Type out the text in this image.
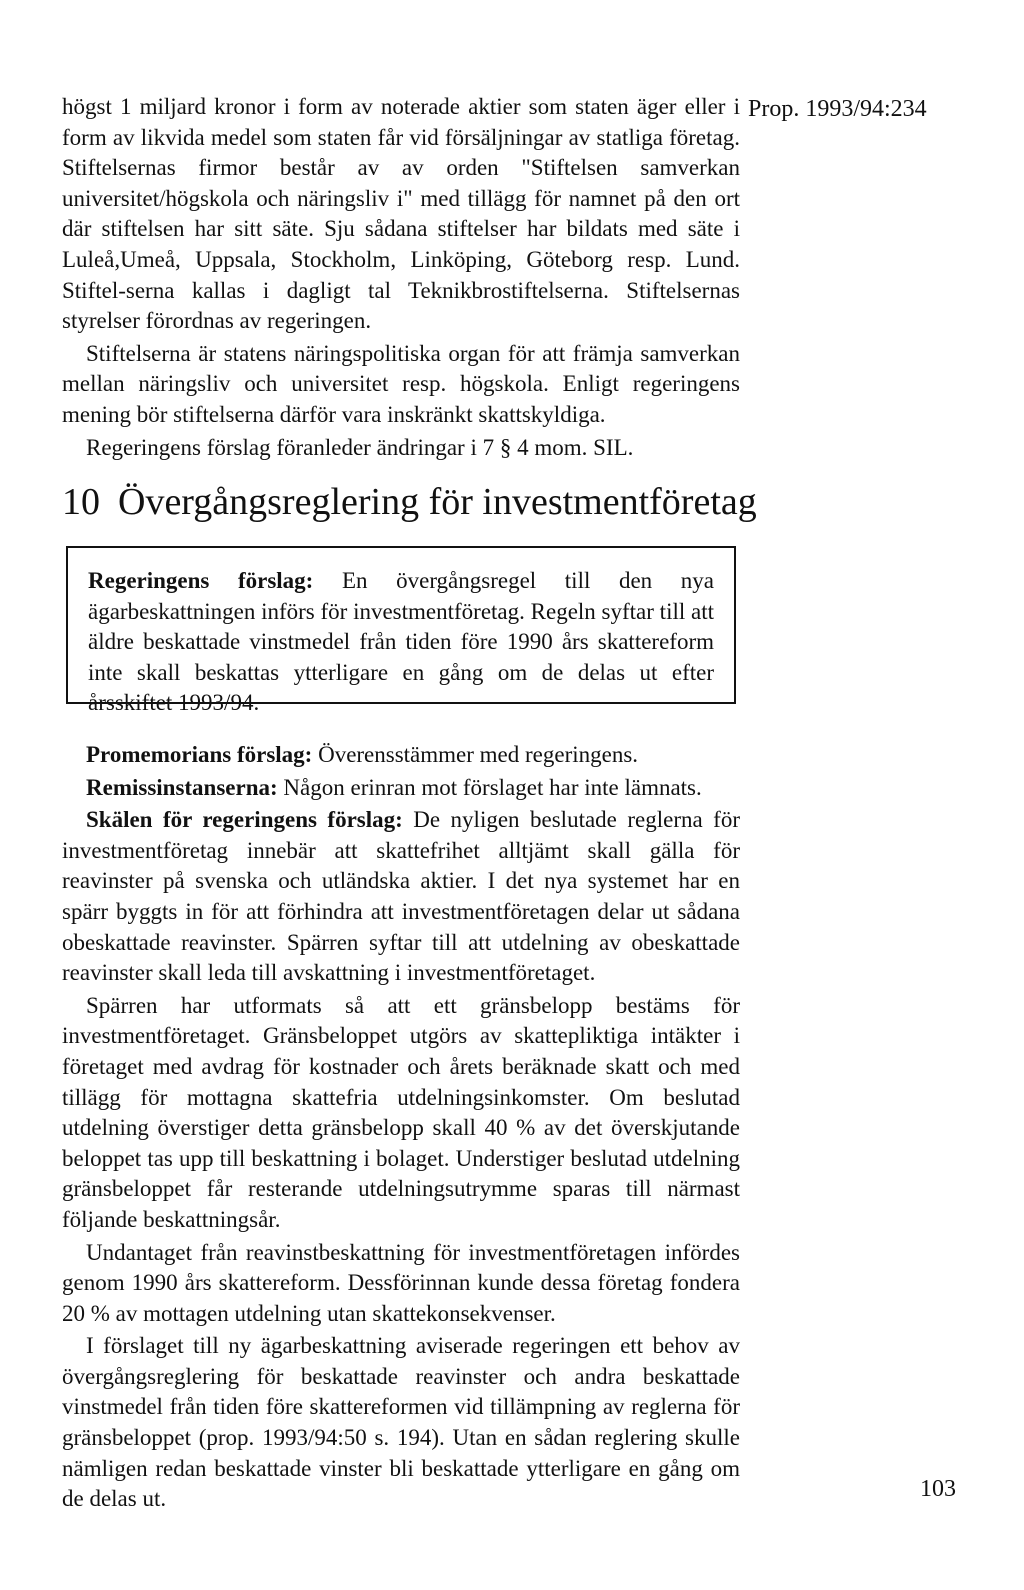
Prop. 1993/94:234

högst 1 miljard kronor i form av noterade aktier som staten äger eller i form av likvida medel som staten får vid försäljningar av statliga företag. Stiftelsernas firmor består av av orden "Stiftelsen samverkan universitet/högskola och näringsliv i" med tillägg för namnet på den ort där stiftelsen har sitt säte. Sju sådana stiftelser har bildats med säte i Luleå,Umeå, Uppsala, Stockholm, Linköping, Göteborg resp. Lund. Stiftel-serna kallas i dagligt tal Teknikbrostiftelserna. Stiftelsernas styrelser förordnas av regeringen.

Stiftelserna är statens näringspolitiska organ för att främja samverkan mellan näringsliv och universitet resp. högskola. Enligt regeringens mening bör stiftelserna därför vara inskränkt skattskyldiga.

Regeringens förslag föranleder ändringar i 7 § 4 mom. SIL.

10 Övergångsreglering för investmentföretag

Regeringens förslag: En övergångsregel till den nya ägarbeskattningen införs för investmentföretag. Regeln syftar till att äldre beskattade vinstmedel från tiden före 1990 års skattereform inte skall beskattas ytterligare en gång om de delas ut efter årsskiftet 1993/94.

Promemorians förslag: Överensstämmer med regeringens.

Remissinstanserna: Någon erinran mot förslaget har inte lämnats.

Skälen för regeringens förslag: De nyligen beslutade reglerna för investmentföretag innebär att skattefrihet alltjämt skall gälla för reavinster på svenska och utländska aktier. I det nya systemet har en spärr byggts in för att förhindra att investmentföretagen delar ut sådana obeskattade reavinster. Spärren syftar till att utdelning av obeskattade reavinster skall leda till avskattning i investmentföretaget.

Spärren har utformats så att ett gränsbelopp bestäms för investmentföretaget. Gränsbeloppet utgörs av skattepliktiga intäkter i företaget med avdrag för kostnader och årets beräknade skatt och med tillägg för mottagna skattefria utdelningsinkomster. Om beslutad utdelning överstiger detta gränsbelopp skall 40 % av det överskjutande beloppet tas upp till beskattning i bolaget. Understiger beslutad utdelning gränsbeloppet får resterande utdelningsutrymme sparas till närmast följande beskattningsår.

Undantaget från reavinstbeskattning för investmentföretagen infördes genom 1990 års skattereform. Dessförinnan kunde dessa företag fondera 20 % av mottagen utdelning utan skattekonsekvenser.

I förslaget till ny ägarbeskattning aviserade regeringen ett behov av övergångsreglering för beskattade reavinster och andra beskattade vinstmedel från tiden före skattereformen vid tillämpning av reglerna för gränsbeloppet (prop. 1993/94:50 s. 194). Utan en sådan reglering skulle nämligen redan beskattade vinster bli beskattade ytterligare en gång om de delas ut.	103
